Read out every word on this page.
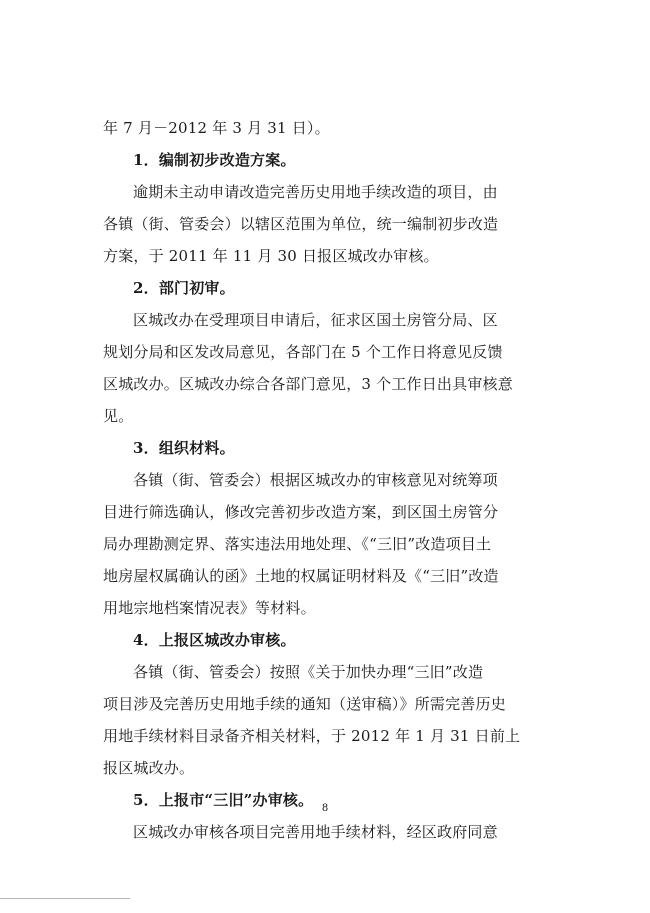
年 7 月－2012 年 3 月 31 日）。
1．编制初步改造方案。
逾期未主动申请改造完善历史用地手续改造的项目，由
各镇（街、管委会）以辖区范围为单位，统一编制初步改造
方案，于 2011 年 11 月 30 日报区城改办审核。
2．部门初审。
区城改办在受理项目申请后，征求区国土房管分局、区
规划分局和区发改局意见，各部门在 5 个工作日将意见反馈
区城改办。区城改办综合各部门意见，3 个工作日出具审核意
见。
3．组织材料。
各镇（街、管委会）根据区城改办的审核意见对统筹项
目进行筛选确认，修改完善初步改造方案，到区国土房管分
局办理勘测定界、落实违法用地处理、《“三旧”改造项目土
地房屋权属确认的函》土地的权属证明材料及《“三旧”改造
用地宗地档案情况表》等材料。
4．上报区城改办审核。
各镇（街、管委会）按照《关于加快办理“三旧”改造
项目涉及完善历史用地手续的通知（送审稿）》所需完善历史
用地手续材料目录备齐相关材料，于 2012 年 1 月 31 日前上
报区城改办。
5．上报市“三旧”办审核。
区城改办审核各项目完善用地手续材料，经区政府同意
8
